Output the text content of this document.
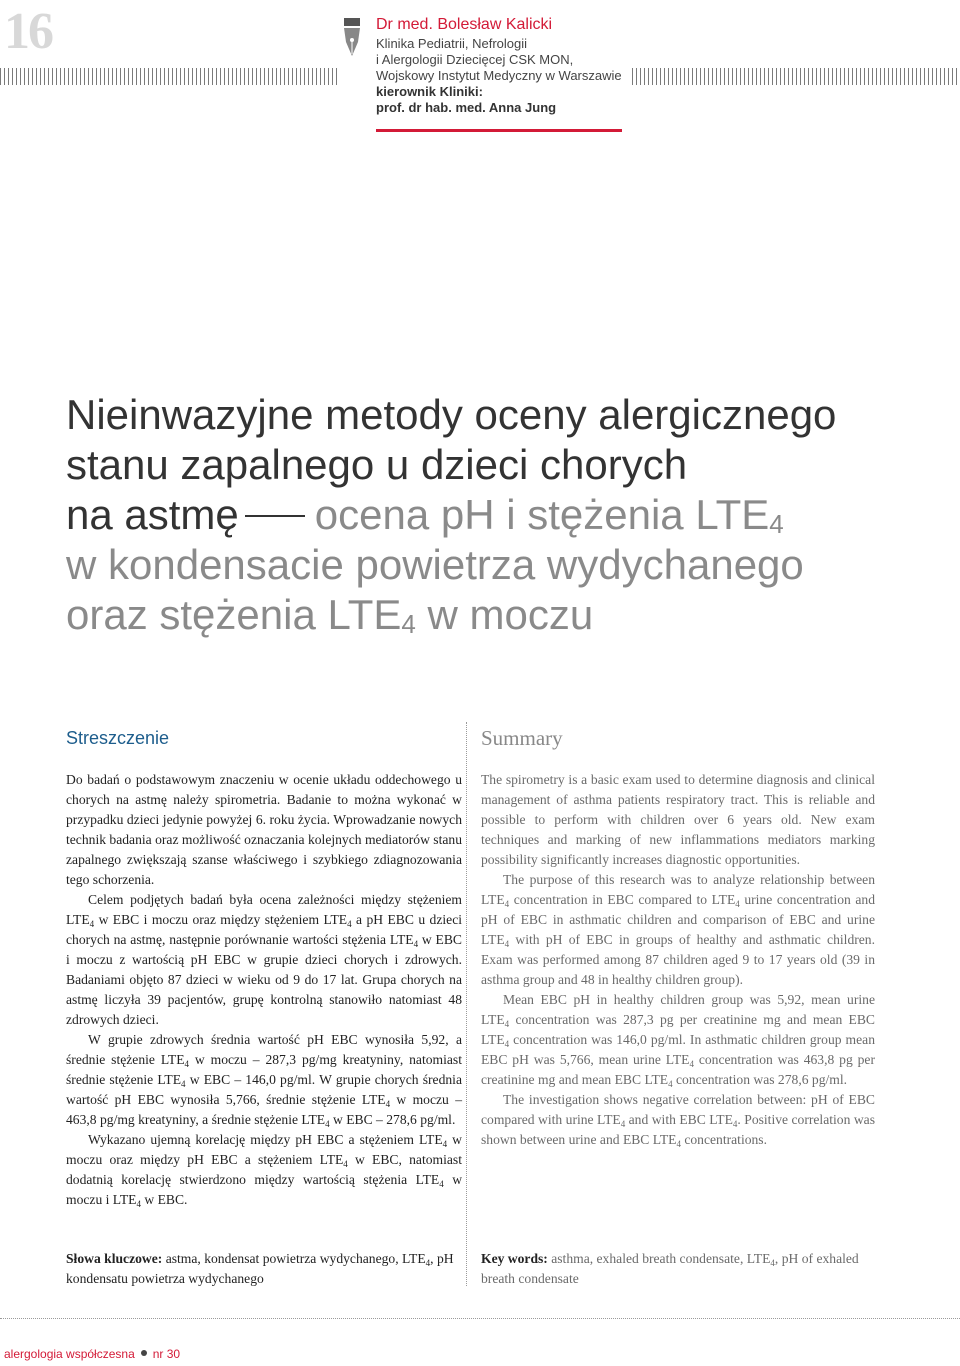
16	Dr med. Bolesław Kalicki
Klinika Pediatrii, Nefrologii
i Alergologii Dziecięcej CSK MON,
Wojskowy Instytut Medyczny w Warszawie
kierownik Kliniki:
prof. dr hab. med. Anna Jung
Nieinwazyjne metody oceny alergicznego
stanu zapalnego u dzieci chorych
na astmę ocena pH i stężenia $LTE_4$
w kondensacie powietrza wydychanego
oraz stężenia $LTE_4$ w moczu
Streszczenie

Do badań o podstawowym znaczeniu w ocenie układu oddechowego u chorych na astmę należy spirometria. Badanie to można wykonać w przypadku dzieci jedynie powyżej 6. roku życia. Wprowadzanie nowych technik badania oraz możliwość oznaczania kolejnych mediatorów stanu zapalnego zwiększają szanse właściwego i szybkiego zdiagnozowania tego schorzenia.

Celem podjętych badań była ocena zależności między stężeniem $LTE_4$ w EBC i moczu oraz między stężeniem $LTE_4$ a pH EBC u dzieci chorych na astmę, następnie porównanie wartości stężenia $LTE_4$ w EBC i moczu z wartością pH EBC w grupie dzieci chorych i zdrowych. Badaniami objęto 87 dzieci w wieku od 9 do 17 lat. Grupa chorych na astmę liczyła 39 pacjentów, grupę kontrolną stanowiło natomiast 48 zdrowych dzieci.

W grupie zdrowych średnia wartość pH EBC wynosiła 5,92, a średnie stężenie $LTE_4$ w moczu – 287,3 pg/mg kreatyniny, natomiast średnie stężenie $LTE_4$ w EBC – 146,0 pg/ml. W grupie chorych średnia wartość pH EBC wynosiła 5,766, średnie stężenie $LTE_4$ w moczu – 463,8 pg/mg kreatyniny, a średnie stężenie $LTE_4$ w EBC – 278,6 pg/ml.

Wykazano ujemną korelację między pH EBC a stężeniem $LTE_4$ w moczu oraz między pH EBC a stężeniem $LTE_4$ w EBC, natomiast dodatnią korelację stwierdzono między wartością stężenia $LTE_4$ w moczu i $LTE_4$ w EBC.

Summary

The spirometry is a basic exam used to determine diagnosis and clinical management of asthma patients respiratory tract. This is reliable and possible to perform with children over 6 years old. New exam techniques and marking of new inflammations mediators marking possibility significantly increases diagnostic opportunities.

The purpose of this research was to analyze relationship between $LTE_4$ concentration in EBC compared to $LTE_4$ urine concentration and pH of EBC in asthmatic children and comparison of EBC and urine $LTE_4$ with pH of EBC in groups of healthy and asthmatic children. Exam was performed among 87 children aged 9 to 17 years old (39 in asthma group and 48 in healthy children group).

Mean EBC pH in healthy children group was 5,92, mean urine $LTE_4$ concentration was 287,3 pg per creatinine mg and mean EBC $LTE_4$ concentration was 146,0 pg/ml. In asthmatic children group mean EBC pH was 5,766, mean urine $LTE_4$ concentration was 463,8 pg per creatinine mg and mean EBC $LTE_4$ concentration was 278,6 pg/ml.

The investigation shows negative correlation between: pH of EBC compared with urine $LTE_4$ and with EBC $LTE_4$. Positive correlation was shown between urine and EBC $LTE_4$ concentrations.

Słowa kluczowe: astma, kondensat powietrza wydychanego, $LTE_4$, pH kondensatu powietrza wydychanego
Key words: asthma, exhaled breath condensate, $LTE_4$, pH of exhaled breath condensate
alergologia współczesna nr 30
